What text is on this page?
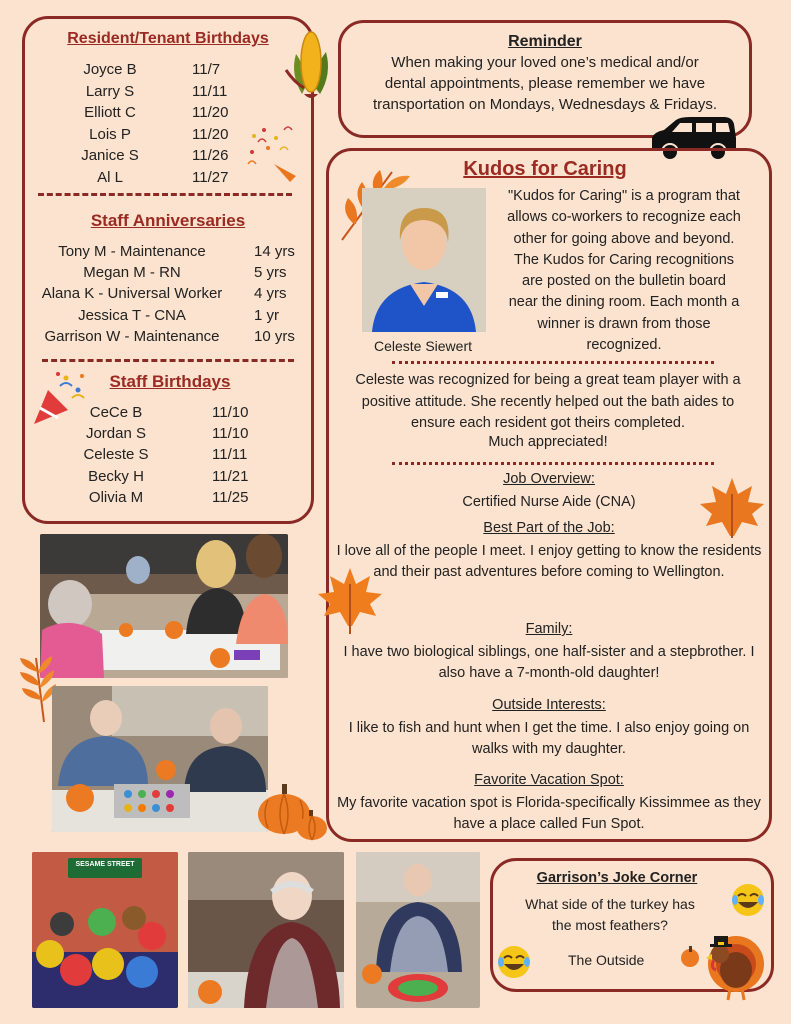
Resident/Tenant Birthdays
Joyce B	11/7
Larry S	11/11
Elliott C	11/20
Lois P	11/20
Janice S	11/26
Al L	11/27
Staff Anniversaries
Tony M - Maintenance	14 yrs
Megan M - RN	5 yrs
Alana K - Universal Worker	4 yrs
Jessica T - CNA	1 yr
Garrison W - Maintenance	10 yrs
Staff Birthdays
CeCe B	11/10
Jordan S	11/10
Celeste S	11/11
Becky H	11/21
Olivia M	11/25
Reminder
When making your loved one’s medical and/or
dental appointments, please remember we have
transportation on Mondays, Wednesdays & Fridays.
Kudos for Caring
Celeste Siewert
"Kudos for Caring" is a program that allows co-workers to recognize each other for going above and beyond. The Kudos for Caring recognitions are posted on the bulletin board near the dining room. Each month a winner is drawn from those recognized.
Celeste was recognized for being a great team player with a positive attitude. She recently helped out the bath aides to ensure each resident got theirs completed.
Much appreciated!
Job Overview:
Certified Nurse Aide (CNA)
Best Part of the Job:
I love all of the people I meet. I enjoy getting to know the residents and their past adventures before coming to Wellington.
Family:
I have two biological siblings, one half-sister and a stepbrother. I also have a 7-month-old daughter!
Outside Interests:
I like to fish and hunt when I get the time. I also enjoy going on walks with my daughter.
Favorite Vacation Spot:
My favorite vacation spot is Florida-specifically Kissimmee as they have a place called Fun Spot.
SESAME STREET
Garrison’s Joke Corner
What side of the turkey has the most feathers?
The Outside
